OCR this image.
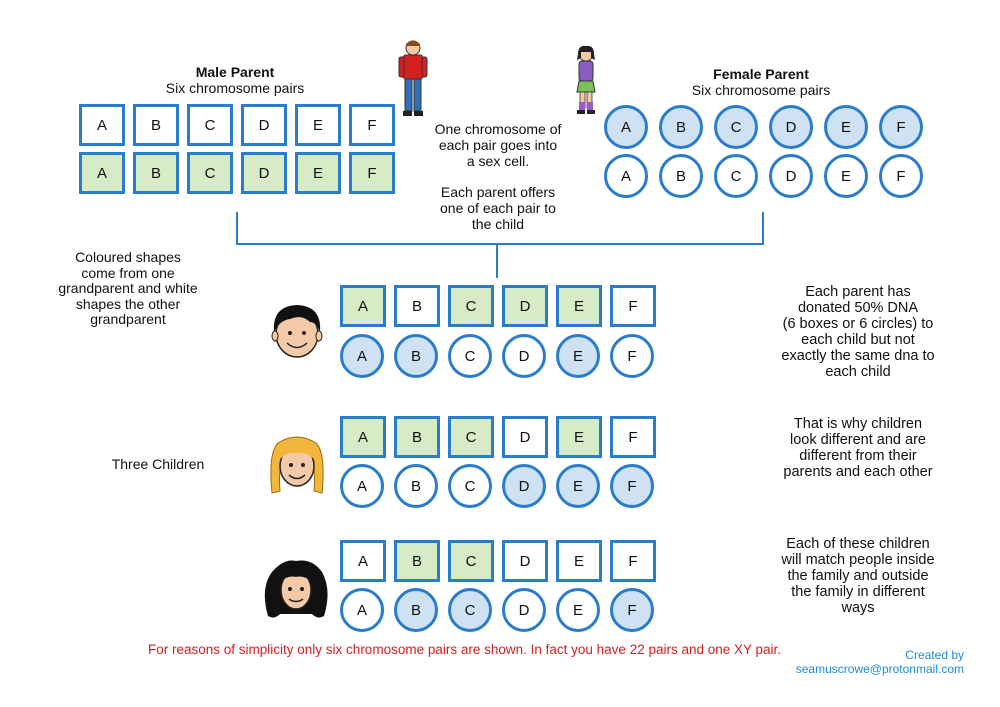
Male Parent
Six chromosome pairs
Female Parent
Six chromosome pairs
A	B	C	D	E	F
A	B	C	D	E	F
A	B	C	D	E	F
A	B	C	D	E	F
One chromosome of
each pair goes into
a sex cell.
Each parent offers
one of each pair to
the child
Coloured shapes
come from one
grandparent and white
shapes the other
grandparent
Three Children
A	B	C	D	E	F
A	B	C	D	E	F
A	B	C	D	E	F
A	B	C	D	E	F
A	B	C	D	E	F
A	B	C	D	E	F
Each parent has
donated 50% DNA
(6 boxes or 6 circles) to
each child but not
exactly the same dna to
each child
That is why children
look different and are
different from their
parents and each other
Each of these children
will match people inside
the family and outside
the family in different
ways
For reasons of simplicity only six chromosome pairs are shown. In fact you have 22 pairs and one XY pair.	Created by
seamuscrowe@protonmail.com
